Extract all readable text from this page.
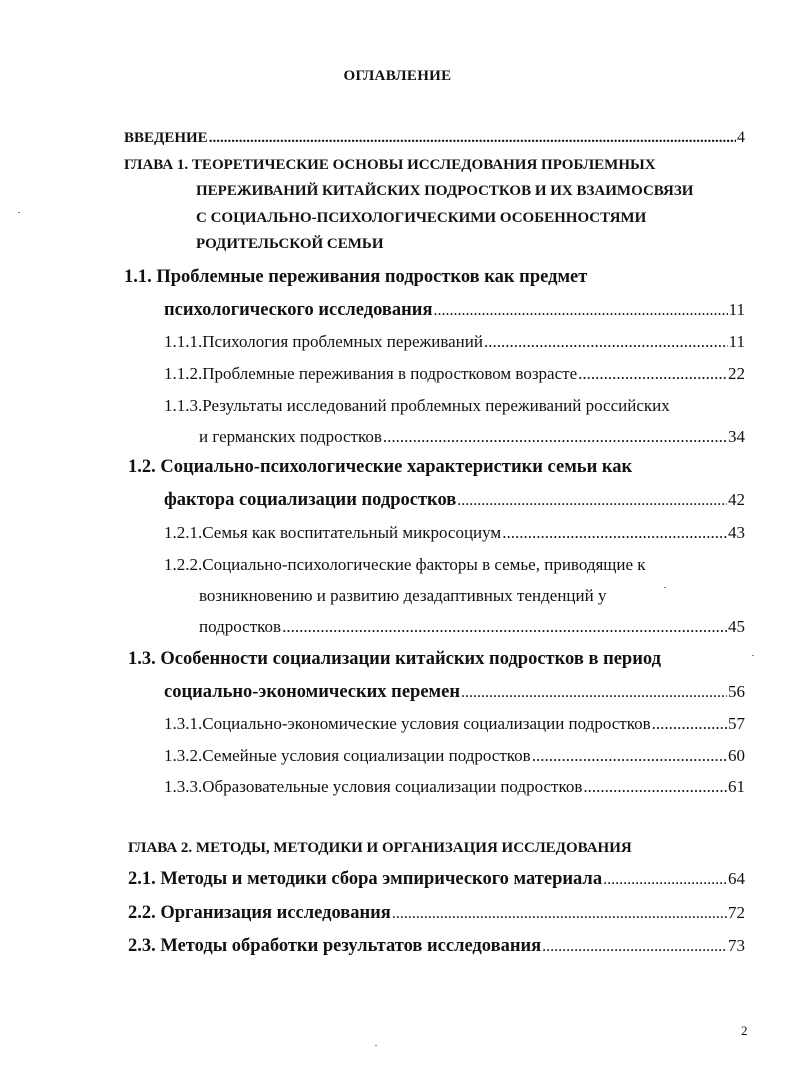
ОГЛАВЛЕНИЕ
ВВЕДЕНИЕ .....	4
ГЛАВА 1. ТЕОРЕТИЧЕСКИЕ ОСНОВЫ ИССЛЕДОВАНИЯ ПРОБЛЕМНЫХ
ПЕРЕЖИВАНИЙ КИТАЙСКИХ ПОДРОСТКОВ И ИХ ВЗАИМОСВЯЗИ
С СОЦИАЛЬНО-ПСИХОЛОГИЧЕСКИМИ ОСОБЕННОСТЯМИ
РОДИТЕЛЬСКОЙ СЕМЬИ
1.1. Проблемные переживания подростков как предмет
психологического исследования .....	11
1.1.1.Психология проблемных переживаний .....	11
1.1.2.Проблемные переживания в подростковом возрасте .....	22
1.1.3.Результаты исследований проблемных переживаний российских
и германских подростков .....	34
1.2. Социально-психологические характеристики семьи как
фактора социализации подростков .....	42
1.2.1.Семья как воспитательный микросоциум .....	43
1.2.2.Социально-психологические факторы в семье, приводящие к
возникновению и развитию дезадаптивных тенденций у
подростков .....	45
1.3. Особенности социализации китайских подростков в период
социально-экономических перемен .....	56
1.3.1.Социально-экономические условия социализации подростков .....	57
1.3.2.Семейные условия социализации подростков .....	60
1.3.3.Образовательные условия социализации подростков .....	61
ГЛАВА 2. МЕТОДЫ, МЕТОДИКИ И ОРГАНИЗАЦИЯ ИССЛЕДОВАНИЯ
2.1. Методы и методики сбора эмпирического материала .....	64
2.2. Организация исследования .....	72
2.3. Методы обработки результатов исследования .....	73
2
